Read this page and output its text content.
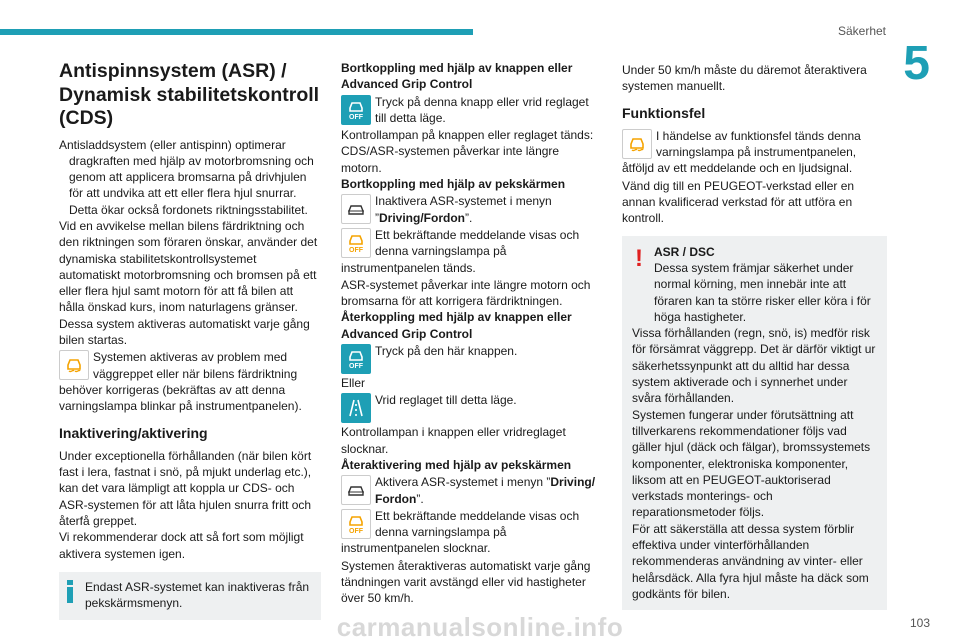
Säkerhet
5
Antispinnsystem (ASR) /
Dynamisk stabilitetskontroll (CDS)

Antisladdsystem (eller antispinn) optimerar dragkraften med hjälp av motorbromsning och genom att applicera bromsarna på drivhjulen för att undvika att ett eller flera hjul snurrar. Detta ökar också fordonets riktningsstabilitet.

Vid en avvikelse mellan bilens färdriktning och den riktningen som föraren önskar, använder det dynamiska stabilitetskontrollsystemet automatiskt motorbromsning och bromsen på ett eller flera hjul samt motorn för att få bilen att hålla önskad kurs, inom naturlagens gränser.

Dessa system aktiveras automatiskt varje gång bilen startas.

Systemen aktiveras av problem med väggreppet eller när bilens färdriktning behöver korrigeras (bekräftas av att denna varningslampa blinkar på instrumentpanelen).

Inaktivering/aktivering

Under exceptionella förhållanden (när bilen kört fast i lera, fastnat i snö, på mjukt underlag etc.), kan det vara lämpligt att koppla ur CDS- och ASR-systemen för att låta hjulen snurra fritt och återfå greppet.

Vi rekommenderar dock att så fort som möjligt aktivera systemen igen.

Endast ASR-systemet kan inaktiveras från pekskärmsmenyn.

Bortkoppling med hjälp av knappen eller Advanced Grip Control

OFF

Tryck på denna knapp eller vrid reglaget till detta läge.

Kontrollampan på knappen eller reglaget tänds: CDS/ASR-systemen påverkar inte längre motorn.

Bortkoppling med hjälp av pekskärmen

Inaktivera ASR-systemet i menyn ”Driving/Fordon”.

OFF

Ett bekräftande meddelande visas och denna varningslampa på instrumentpanelen tänds.

ASR-systemet påverkar inte längre motorn och bromsarna för att korrigera färdriktningen.

Återkoppling med hjälp av knappen eller Advanced Grip Control

OFF

Tryck på den här knappen.

Eller

Vrid reglaget till detta läge.

Kontrollampan i knappen eller vridreglaget slocknar.

Återaktivering med hjälp av pekskärmen

Aktivera ASR-systemet i menyn ”Driving/ Fordon”.

OFF

Ett bekräftande meddelande visas och denna varningslampa på instrumentpanelen slocknar.

Systemen återaktiveras automatiskt varje gång tändningen varit avstängd eller vid hastigheter över 50 km/h.

Under 50 km/h måste du däremot återaktivera systemen manuellt.

Funktionsfel

I händelse av funktionsfel tänds denna varningslampa på instrumentpanelen, åtföljd av ett meddelande och en ljudsignal.

Vänd dig till en PEUGEOT-verkstad eller en annan kvalificerad verkstad för att utföra en kontroll.

! ASR / DSC

Dessa system främjar säkerhet under normal körning, men innebär inte att föraren kan ta större risker eller köra i för höga hastigheter.

Vissa förhållanden (regn, snö, is) medför risk för försämrat väggrepp. Det är därför viktigt ur säkerhetssynpunkt att du alltid har dessa system aktiverade och i synnerhet under svåra förhållanden.

Systemen fungerar under förutsättning att tillverkarens rekommendationer följs vad gäller hjul (däck och fälgar), bromssystemets komponenter, elektroniska komponenter, liksom att en PEUGEOT-auktoriserad verkstads monterings- och reparationsmetoder följs.

För att säkerställa att dessa system förblir effektiva under vinterförhållanden rekommenderas användning av vinter- eller helårsdäck. Alla fyra hjul måste ha däck som godkänts för bilen.

carmanualsonline.info	103
